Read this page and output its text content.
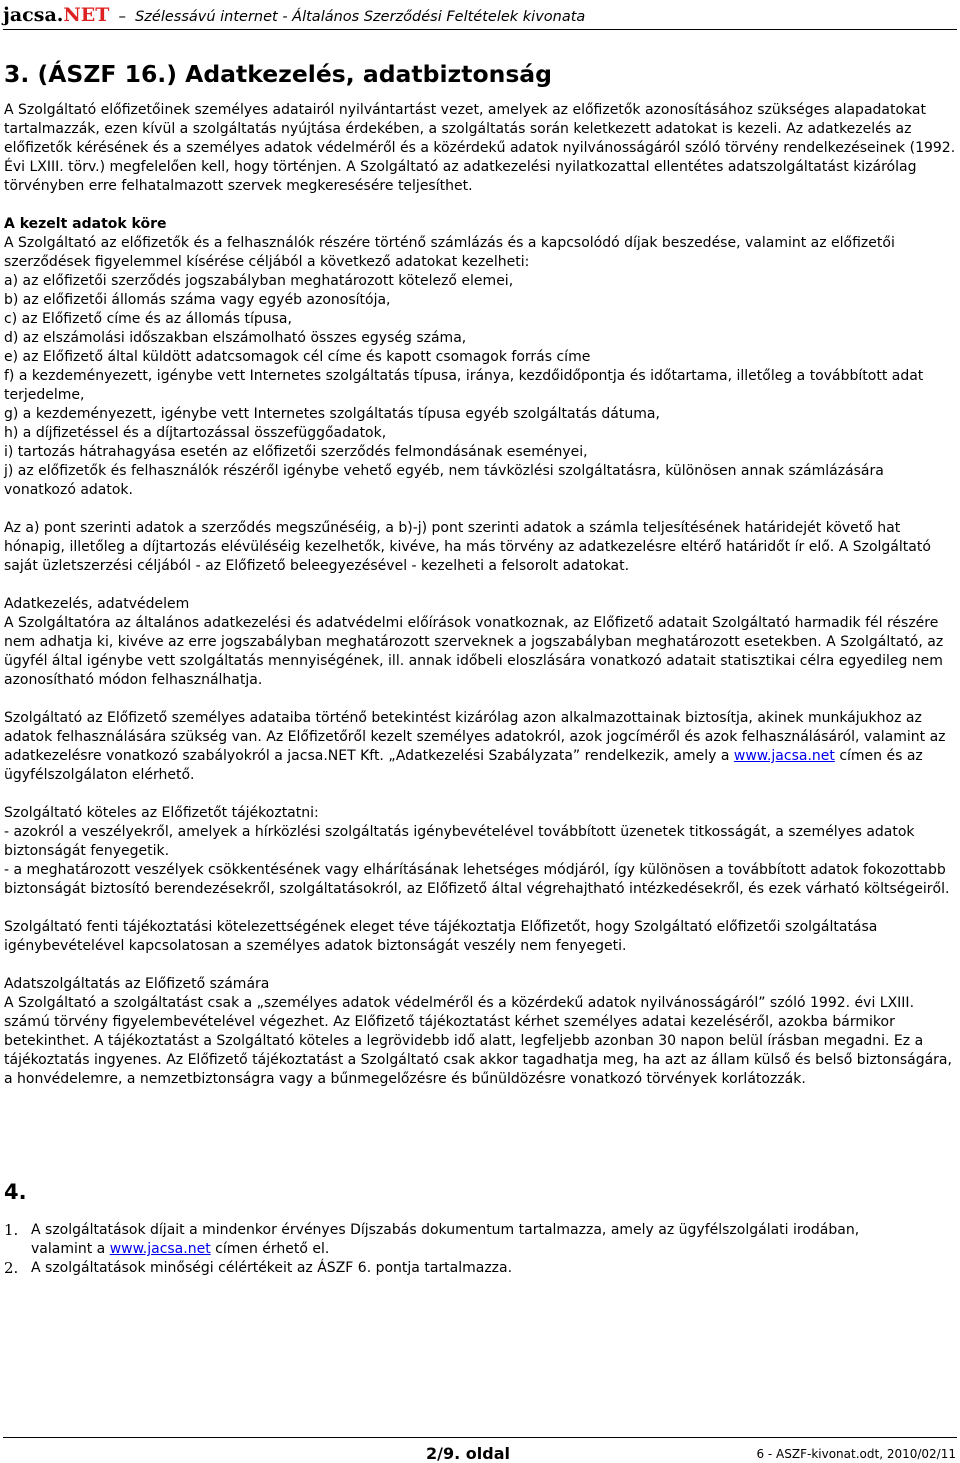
jacsa.NET – Szélessávú internet - Általános Szerződési Feltételek kivonata
3. (ÁSZF 16.) Adatkezelés, adatbiztonság

A Szolgáltató előfizetőinek személyes adatairól nyilvántartást vezet, amelyek az előfizetők azonosításához szükséges alapadatokat tartalmazzák, ezen kívül a szolgáltatás nyújtása érdekében, a szolgáltatás során keletkezett adatokat is kezeli. Az adatkezelés az előfizetők kérésének és a személyes adatok védelméről és a közérdekű adatok nyilvánosságáról szóló törvény rendelkezéseinek (1992. Évi LXIII. törv.) megfelelően kell, hogy történjen. A Szolgáltató az adatkezelési nyilatkozattal ellentétes adatszolgáltatást kizárólag törvényben erre felhatalmazott szervek megkeresésére teljesíthet.

A kezelt adatok köre

A Szolgáltató az előfizetők és a felhasználók részére történő számlázás és a kapcsolódó díjak beszedése, valamint az előfizetői szerződések figyelemmel kísérése céljából a következő adatokat kezelheti:

a) az előfizetői szerződés jogszabályban meghatározott kötelező elemei,

b) az előfizetői állomás száma vagy egyéb azonosítója,

c) az Előfizető címe és az állomás típusa,

d) az elszámolási időszakban elszámolható összes egység száma,

e) az Előfizető által küldött adatcsomagok cél címe és kapott csomagok forrás címe

f) a kezdeményezett, igénybe vett Internetes szolgáltatás típusa, iránya, kezdőidőpontja és időtartama, illetőleg a továbbított adat terjedelme,

g) a kezdeményezett, igénybe vett Internetes szolgáltatás típusa egyéb szolgáltatás dátuma,

h) a díjfizetéssel és a díjtartozással összefüggőadatok,

i) tartozás hátrahagyása esetén az előfizetői szerződés felmondásának eseményei,

j) az előfizetők és felhasználók részéről igénybe vehető egyéb, nem távközlési szolgáltatásra, különösen annak számlázására vonatkozó adatok.

Az a) pont szerinti adatok a szerződés megszűnéséig, a b)-j) pont szerinti adatok a számla teljesítésének határidejét követő hat hónapig, illetőleg a díjtartozás elévüléséig kezelhetők, kivéve, ha más törvény az adatkezelésre eltérő határidőt ír elő. A Szolgáltató saját üzletszerzési céljából - az Előfizető beleegyezésével - kezelheti a felsorolt adatokat.

Adatkezelés, adatvédelem

A Szolgáltatóra az általános adatkezelési és adatvédelmi előírások vonatkoznak, az Előfizető adatait Szolgáltató harmadik fél részére nem adhatja ki, kivéve az erre jogszabályban meghatározott szerveknek a jogszabályban meghatározott esetekben. A Szolgáltató, az ügyfél által igénybe vett szolgáltatás mennyiségének, ill. annak időbeli eloszlására vonatkozó adatait statisztikai célra egyedileg nem azonosítható módon felhasználhatja.

Szolgáltató az Előfizető személyes adataiba történő betekintést kizárólag azon alkalmazottainak biztosítja, akinek munkájukhoz az adatok felhasználására szükség van. Az Előfizetőről kezelt személyes adatokról, azok jogcíméről és azok felhasználásáról, valamint az adatkezelésre vonatkozó szabályokról a jacsa.NET Kft. „Adatkezelési Szabályzata” rendelkezik, amely a www.jacsa.net címen és az ügyfélszolgálaton elérhető.

Szolgáltató köteles az Előfizetőt tájékoztatni:

- azokról a veszélyekről, amelyek a hírközlési szolgáltatás igénybevételével továbbított üzenetek titkosságát, a személyes adatok biztonságát fenyegetik.

- a meghatározott veszélyek csökkentésének vagy elhárításának lehetséges módjáról, így különösen a továbbított adatok fokozottabb biztonságát biztosító berendezésekről, szolgáltatásokról, az Előfizető által végrehajtható intézkedésekről, és ezek várható költségeiről.

Szolgáltató fenti tájékoztatási kötelezettségének eleget téve tájékoztatja Előfizetőt, hogy Szolgáltató előfizetői szolgáltatása igénybevételével kapcsolatosan a személyes adatok biztonságát veszély nem fenyegeti.

Adatszolgáltatás az Előfizető számára

A Szolgáltató a szolgáltatást csak a „személyes adatok védelméről és a közérdekű adatok nyilvánosságáról” szóló 1992. évi LXIII. számú törvény figyelembevételével végezhet. Az Előfizető tájékoztatást kérhet személyes adatai kezeléséről, azokba bármikor betekinthet. A tájékoztatást a Szolgáltató köteles a legrövidebb idő alatt, legfeljebb azonban 30 napon belül írásban megadni. Ez a tájékoztatás ingyenes. Az Előfizető tájékoztatást a Szolgáltató csak akkor tagadhatja meg, ha azt az állam külső és belső biztonságára, a honvédelemre, a nemzetbiztonságra vagy a bűnmegelőzésre és bűnüldözésre vonatkozó törvények korlátozzák.

4.
1. A szolgáltatások díjait a mindenkor érvényes Díjszabás dokumentum tartalmazza, amely az ügyfélszolgálati irodában, valamint a www.jacsa.net címen érhető el.
2. A szolgáltatások minőségi célértékeit az ÁSZF 6. pontja tartalmazza.
2/9. oldal	6 - ASZF-kivonat.odt, 2010/02/11
